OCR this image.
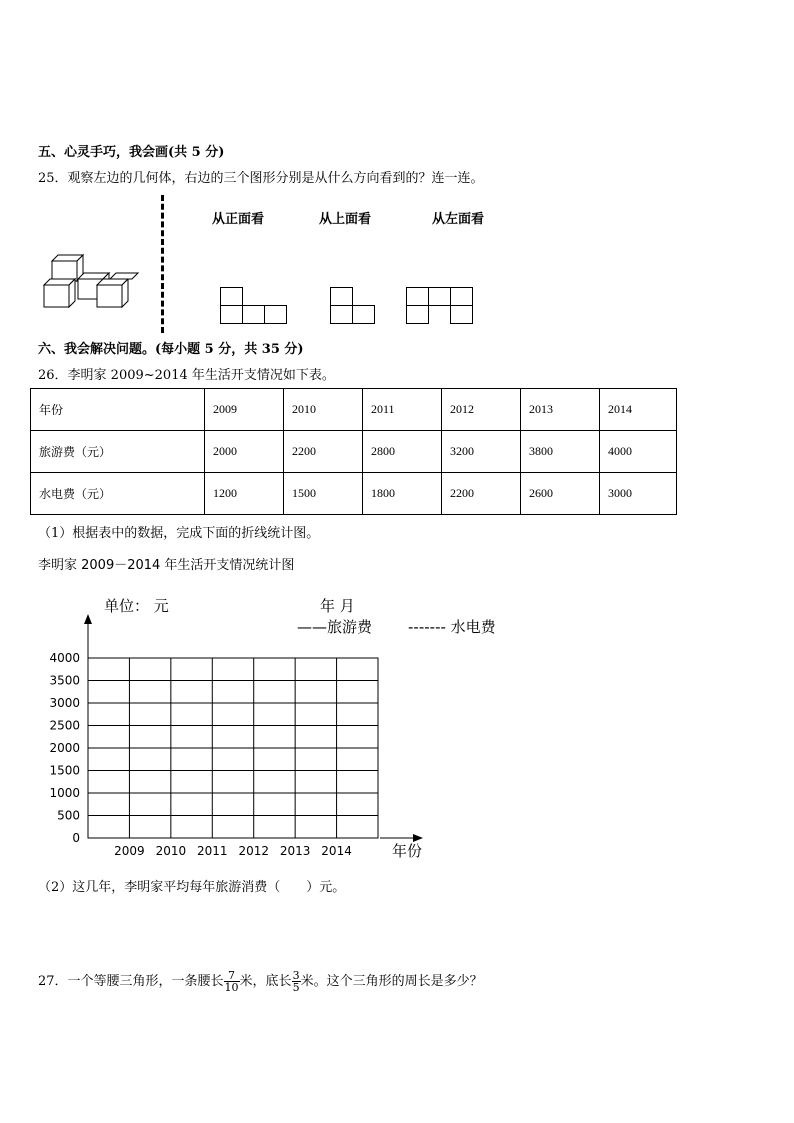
五、心灵手巧，我会画(共 5 分)
25．观察左边的几何体，右边的三个图形分别是从什么方向看到的？连一连。
从正面看	从上面看	从左面看
六、我会解决问题。(每小题 5 分，共 35 分)
26．李明家 2009~2014 年生活开支情况如下表。
年份	2009	2010	2011	2012	2013	2014
旅游费（元）	2000	2200	2800	3200	3800	4000
水电费（元）	1200	1500	1800	2200	2600	3000
（1）根据表中的数据，完成下面的折线统计图。
李明家 2009－2014 年生活开支情况统计图
单位： 元	年 月
——旅游费 ------- 水电费
0
500
1000
1500
2000
2500
3000
3500
4000
2009 2010 2011 2012 2013 2014	年份
（2）这几年，李明家平均每年旅游消费（　　）元。
27．一个等腰三角形，一条腰长 $\frac{7}{10}$ 米，底长 $\frac{3}{5}$ 米。这个三角形的周长是多少？
